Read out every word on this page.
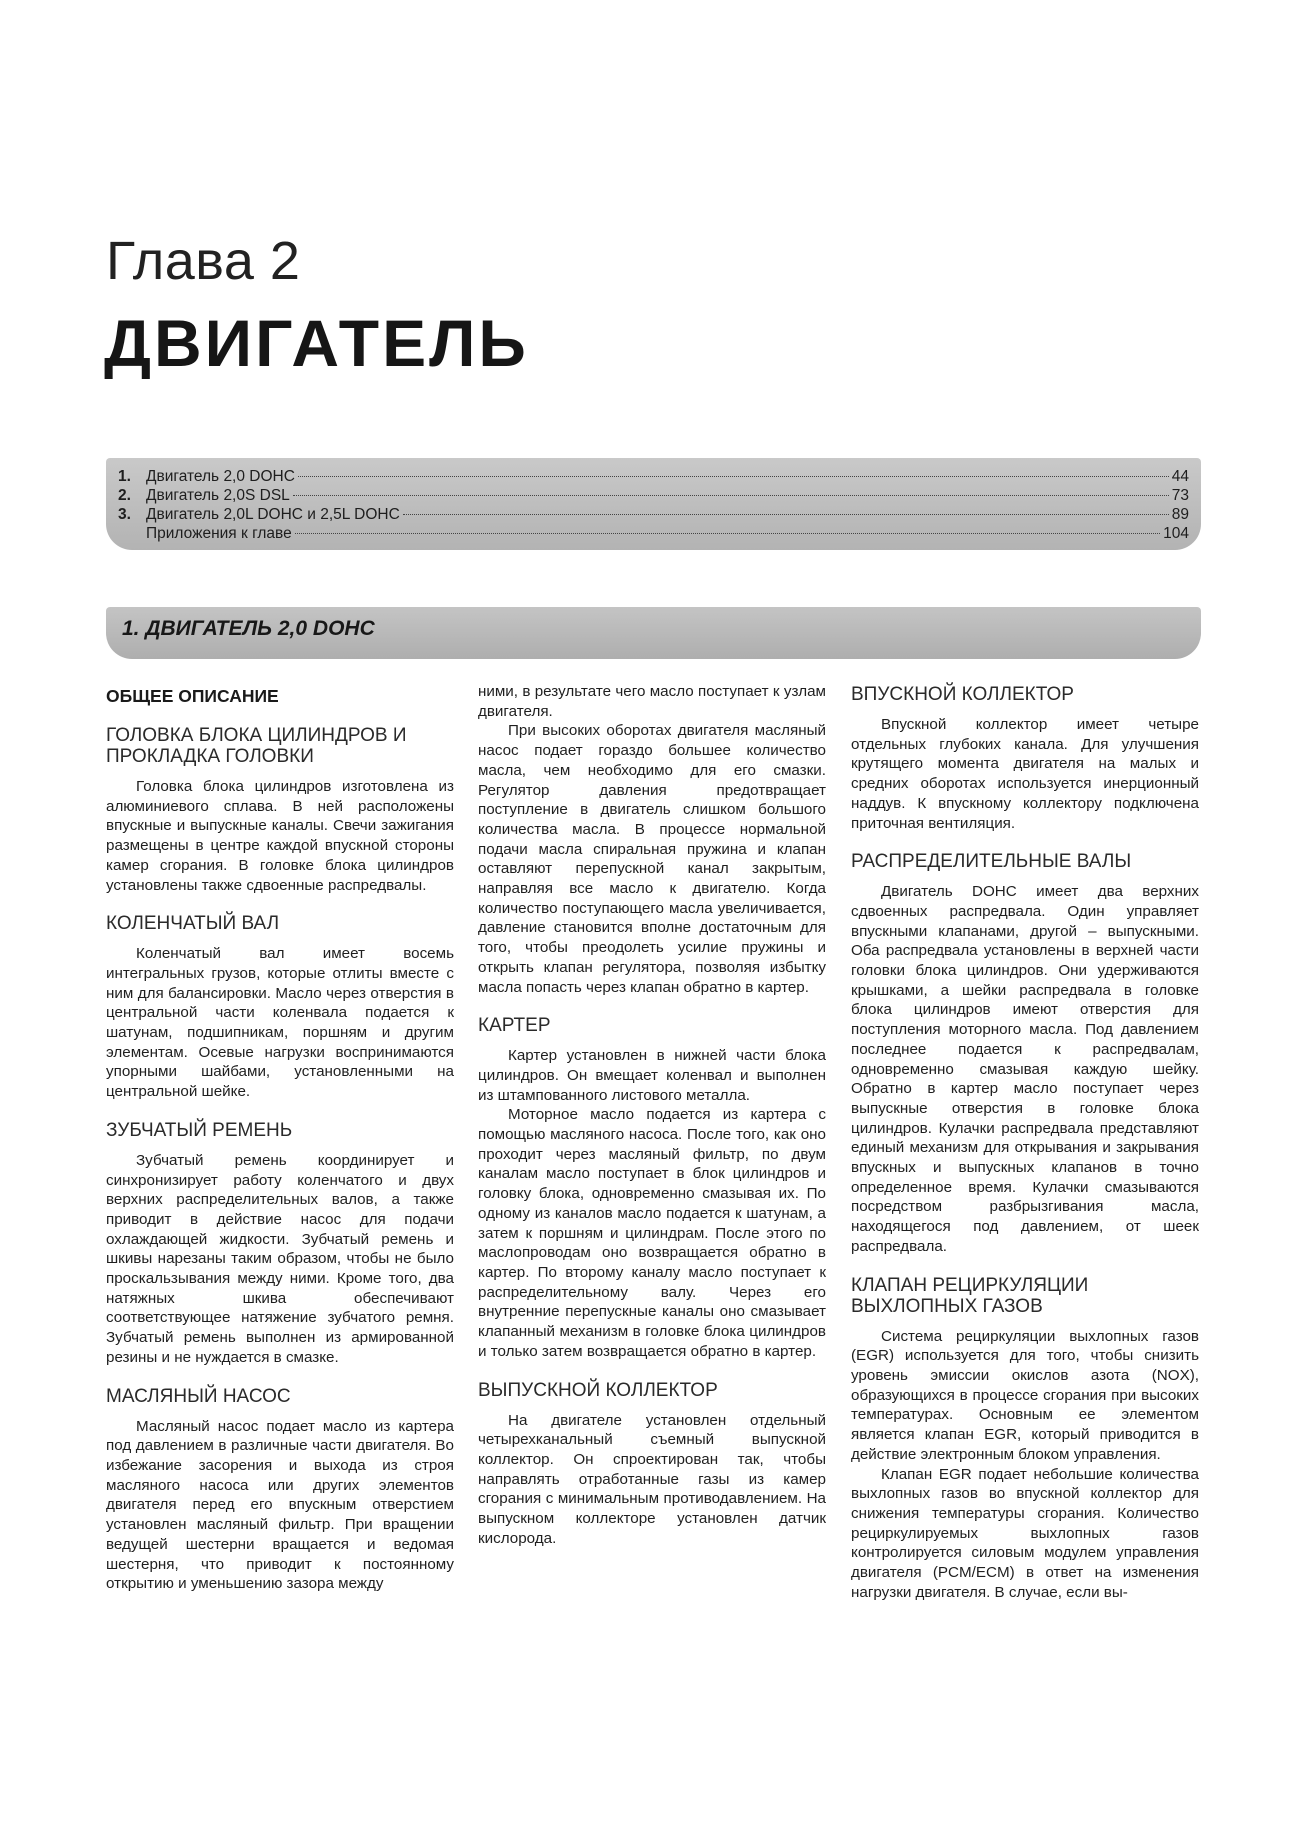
Глава 2
ДВИГАТЕЛЬ
1. Двигатель 2,0 DOHC	44
2. Двигатель 2,0S DSL	73
3. Двигатель 2,0L DOHC и 2,5L DOHC	89
Приложения к главе	104
1. ДВИГАТЕЛЬ 2,0 DOHC
ОБЩЕЕ ОПИСАНИЕ
ГОЛОВКА БЛОКА ЦИЛИНДРОВ И ПРОКЛАДКА ГОЛОВКИ

Головка блока цилиндров изготовлена из алюминиевого сплава. В ней расположены впускные и выпускные каналы. Свечи зажигания размещены в центре каждой впускной стороны камер сгорания. В головке блока цилиндров установлены также сдвоенные распредвалы.

КОЛЕНЧАТЫЙ ВАЛ

Коленчатый вал имеет восемь интегральных грузов, которые отлиты вместе с ним для балансировки. Масло через отверстия в центральной части коленвала подается к шатунам, подшипникам, поршням и другим элементам. Осевые нагрузки воспринимаются упорными шайбами, установленными на центральной шейке.

ЗУБЧАТЫЙ РЕМЕНЬ

Зубчатый ремень координирует и синхронизирует работу коленчатого и двух верхних распределительных валов, а также приводит в действие насос для подачи охлаждающей жидкости. Зубчатый ремень и шкивы нарезаны таким образом, чтобы не было проскальзывания между ними. Кроме того, два натяжных шкива обеспечивают соответствующее натяжение зубчатого ремня. Зубчатый ремень выполнен из армированной резины и не нуждается в смазке.

МАСЛЯНЫЙ НАСОС

Масляный насос подает масло из картера под давлением в различные части двигателя. Во избежание засорения и выхода из строя масляного насоса или других элементов двигателя перед его впускным отверстием установлен масляный фильтр. При вращении ведущей шестерни вращается и ведомая шестерня, что приводит к постоянному открытию и уменьшению зазора между

ними, в результате чего масло поступает к узлам двигателя.

При высоких оборотах двигателя масляный насос подает гораздо большее количество масла, чем необходимо для его смазки. Регулятор давления предотвращает поступление в двигатель слишком большого количества масла. В процессе нормальной подачи масла спиральная пружина и клапан оставляют перепускной канал закрытым, направляя все масло к двигателю. Когда количество поступающего масла увеличивается, давление становится вполне достаточным для того, чтобы преодолеть усилие пружины и открыть клапан регулятора, позволяя избытку масла попасть через клапан обратно в картер.

КАРТЕР

Картер установлен в нижней части блока цилиндров. Он вмещает коленвал и выполнен из штампованного листового металла.

Моторное масло подается из картера с помощью масляного насоса. После того, как оно проходит через масляный фильтр, по двум каналам масло поступает в блок цилиндров и головку блока, одновременно смазывая их. По одному из каналов масло подается к шатунам, а затем к поршням и цилиндрам. После этого по маслопроводам оно возвращается обратно в картер. По второму каналу масло поступает к распределительному валу. Через его внутренние перепускные каналы оно смазывает клапанный механизм в головке блока цилиндров и только затем возвращается обратно в картер.

ВЫПУСКНОЙ КОЛЛЕКТОР

На двигателе установлен отдельный четырехканальный съемный выпускной коллектор. Он спроектирован так, чтобы направлять отработанные газы из камер сгорания с минимальным противодавлением. На выпускном коллекторе установлен датчик кислорода.

ВПУСКНОЙ КОЛЛЕКТОР

Впускной коллектор имеет четыре отдельных глубоких канала. Для улучшения крутящего момента двигателя на малых и средних оборотах используется инерционный наддув. К впускному коллектору подключена приточная вентиляция.

РАСПРЕДЕЛИТЕЛЬНЫЕ ВАЛЫ

Двигатель DOHC имеет два верхних сдвоенных распредвала. Один управляет впускными клапанами, другой – выпускными. Оба распредвала установлены в верхней части головки блока цилиндров. Они удерживаются крышками, а шейки распредвала в головке блока цилиндров имеют отверстия для поступления моторного масла. Под давлением последнее подается к распредвалам, одновременно смазывая каждую шейку. Обратно в картер масло поступает через выпускные отверстия в головке блока цилиндров. Кулачки распредвала представляют единый механизм для открывания и закрывания впускных и выпускных клапанов в точно определенное время. Кулачки смазываются посредством разбрызгивания масла, находящегося под давлением, от шеек распредвала.

КЛАПАН РЕЦИРКУЛЯЦИИ ВЫХЛОПНЫХ ГАЗОВ

Система рециркуляции выхлопных газов (EGR) используется для того, чтобы снизить уровень эмиссии окислов азота (NOX), образующихся в процессе сгорания при высоких температурах. Основным ее элементом является клапан EGR, который приводится в действие электронным блоком управления.

Клапан EGR подает небольшие количества выхлопных газов во впускной коллектор для снижения температуры сгорания. Количество рециркулируемых выхлопных газов контролируется силовым модулем управления двигателя (PCM/ECM) в ответ на изменения нагрузки двигателя. В случае, если вы-
